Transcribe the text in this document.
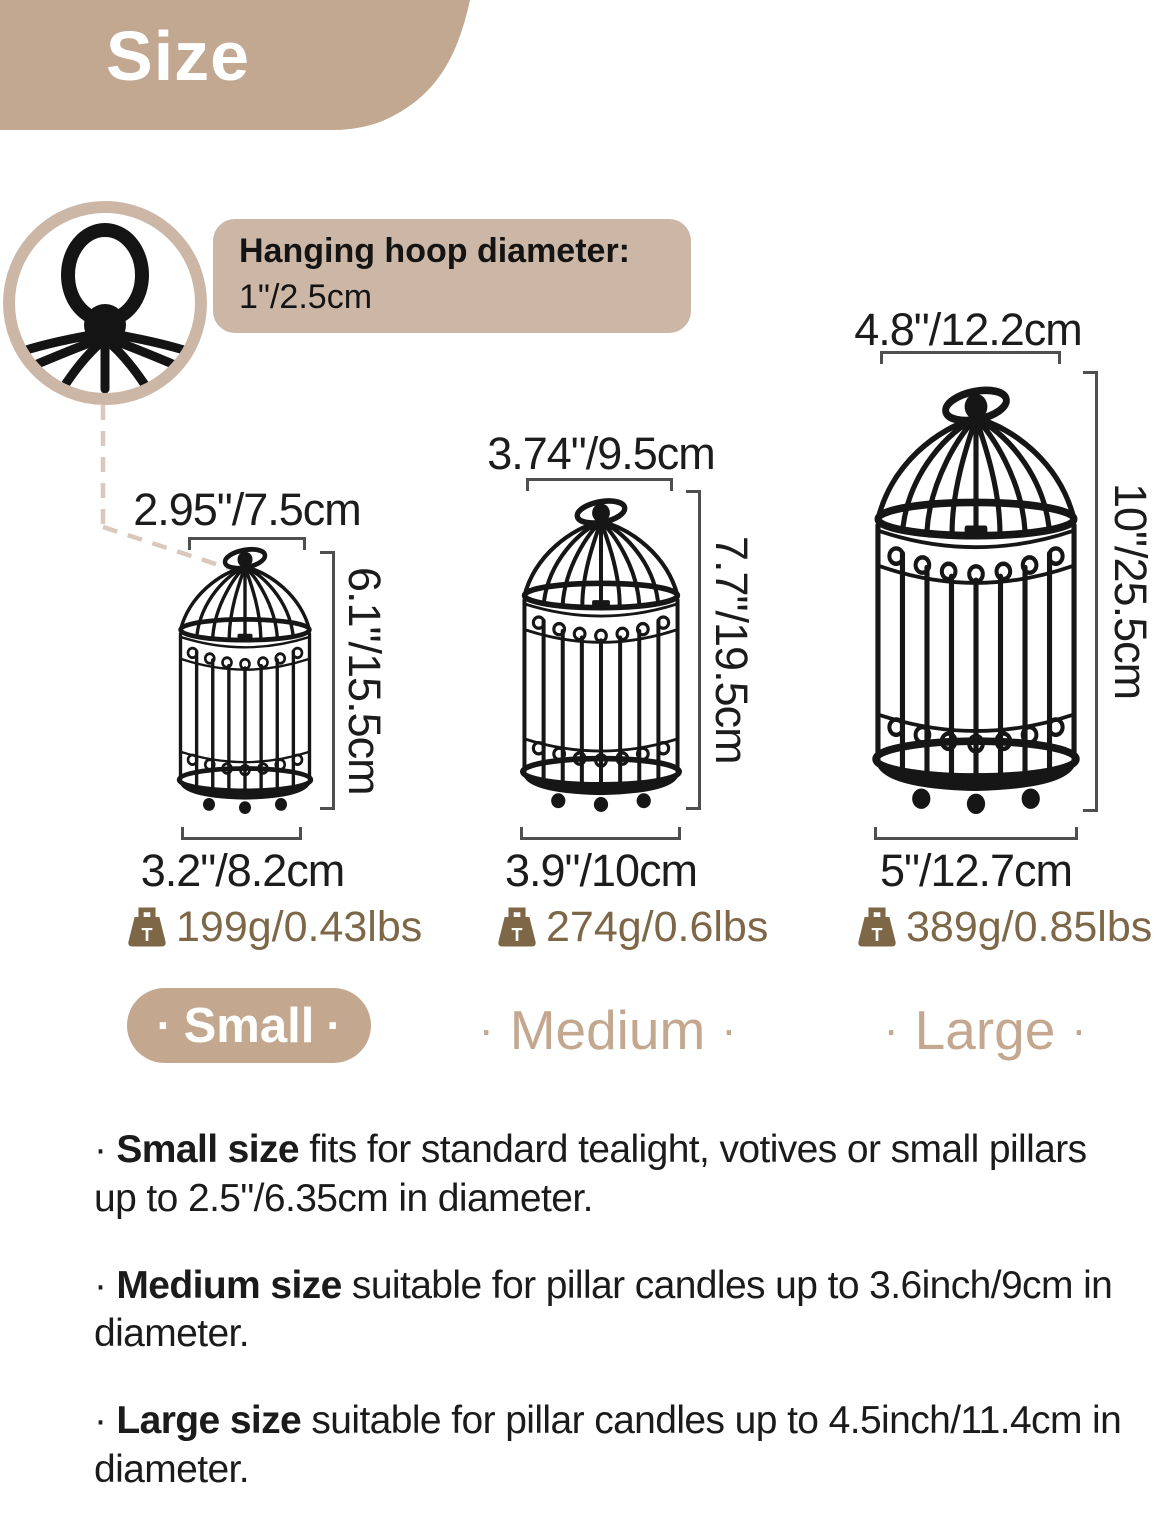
Size
Hanging hoop diameter:
1"/2.5cm
2.95"/7.5cm
6.1"/15.5cm
3.2"/8.2cm
199g/0.43lbs
· Small ·
3.74"/9.5cm
7.7"/19.5cm
3.9"/10cm
274g/0.6lbs
· Medium ·
4.8"/12.2cm
10"/25.5cm
5"/12.7cm
389g/0.85lbs
· Large ·

· Small size fits for standard tealight, votives or small pillars up to 2.5"/6.35cm in diameter.

· Medium size suitable for pillar candles up to 3.6inch/9cm in diameter.

· Large size suitable for pillar candles up to 4.5inch/11.4cm in diameter.
